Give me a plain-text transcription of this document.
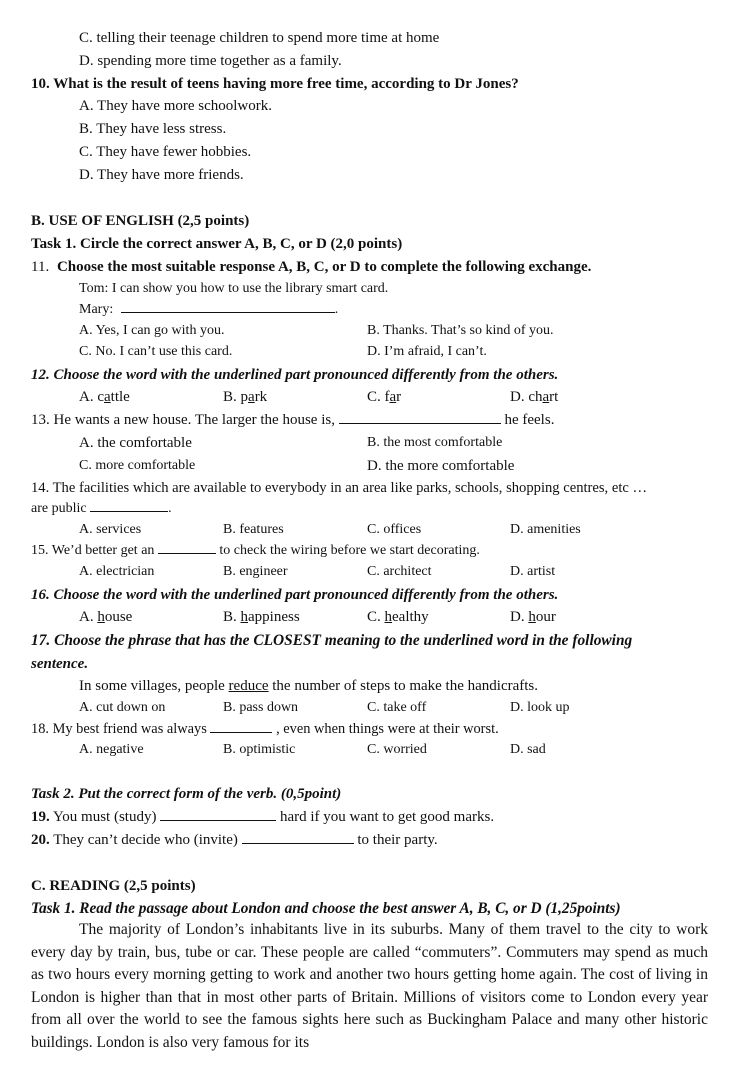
C. telling their teenage children to spend more time at home
D. spending more time together as a family.
10. What is the result of teens having more free time, according to Dr Jones?
A. They have more schoolwork.
B. They have less stress.
C. They have fewer hobbies.
D. They have more friends.
B. USE OF ENGLISH (2,5 points)
Task 1. Circle the correct answer A, B, C, or D (2,0 points)
11. Choose the most suitable response A, B, C, or D to complete the following exchange.
Tom: I can show you how to use the library smart card.
Mary:	.
A. Yes, I can go with you.	B. Thanks. That’s so kind of you.
C. No. I can’t use this card.	D. I’m afraid, I can’t.
12. Choose the word with the underlined part pronounced differently from the others.
A. cattle	B. park	C. far	D. chart
13. He wants a new house. The larger the house is,	he feels.
A. the comfortable	B. the most comfortable
C. more comfortable	D. the more comfortable
14. The facilities which are available to everybody in an area like parks, schools, shopping centres, etc …
are public	.
A. services	B. features	C. offices	D. amenities
15. We’d better get an	to check the wiring before we start decorating.
A. electrician	B. engineer	C. architect	D. artist
16. Choose the word with the underlined part pronounced differently from the others.
A. house	B. happiness	C. healthy	D. hour
17. Choose the phrase that has the CLOSEST meaning to the underlined word in the following
sentence.
In some villages, people reduce the number of steps to make the handicrafts.
A. cut down on	B. pass down	C. take off	D. look up
18. My best friend was always	, even when things were at their worst.
A. negative	B. optimistic	C. worried	D. sad
Task 2. Put the correct form of the verb. (0,5point)
19. You must (study)	hard if you want to get good marks.
20. They can’t decide who (invite)	to their party.
C. READING (2,5 points)
Task 1. Read the passage about London and choose the best answer A, B, C, or D (1,25points)
The majority of London’s inhabitants live in its suburbs. Many of them travel to the city to work every day by train, bus, tube or car. These people are called “commuters”. Commuters may spend as much as two hours every morning getting to work and another two hours getting home again. The cost of living in London is higher than that in most other parts of Britain. Millions of visitors come to London every year from all over the world to see the famous sights here such as Buckingham Palace and many other historic buildings. London is also very famous for its
